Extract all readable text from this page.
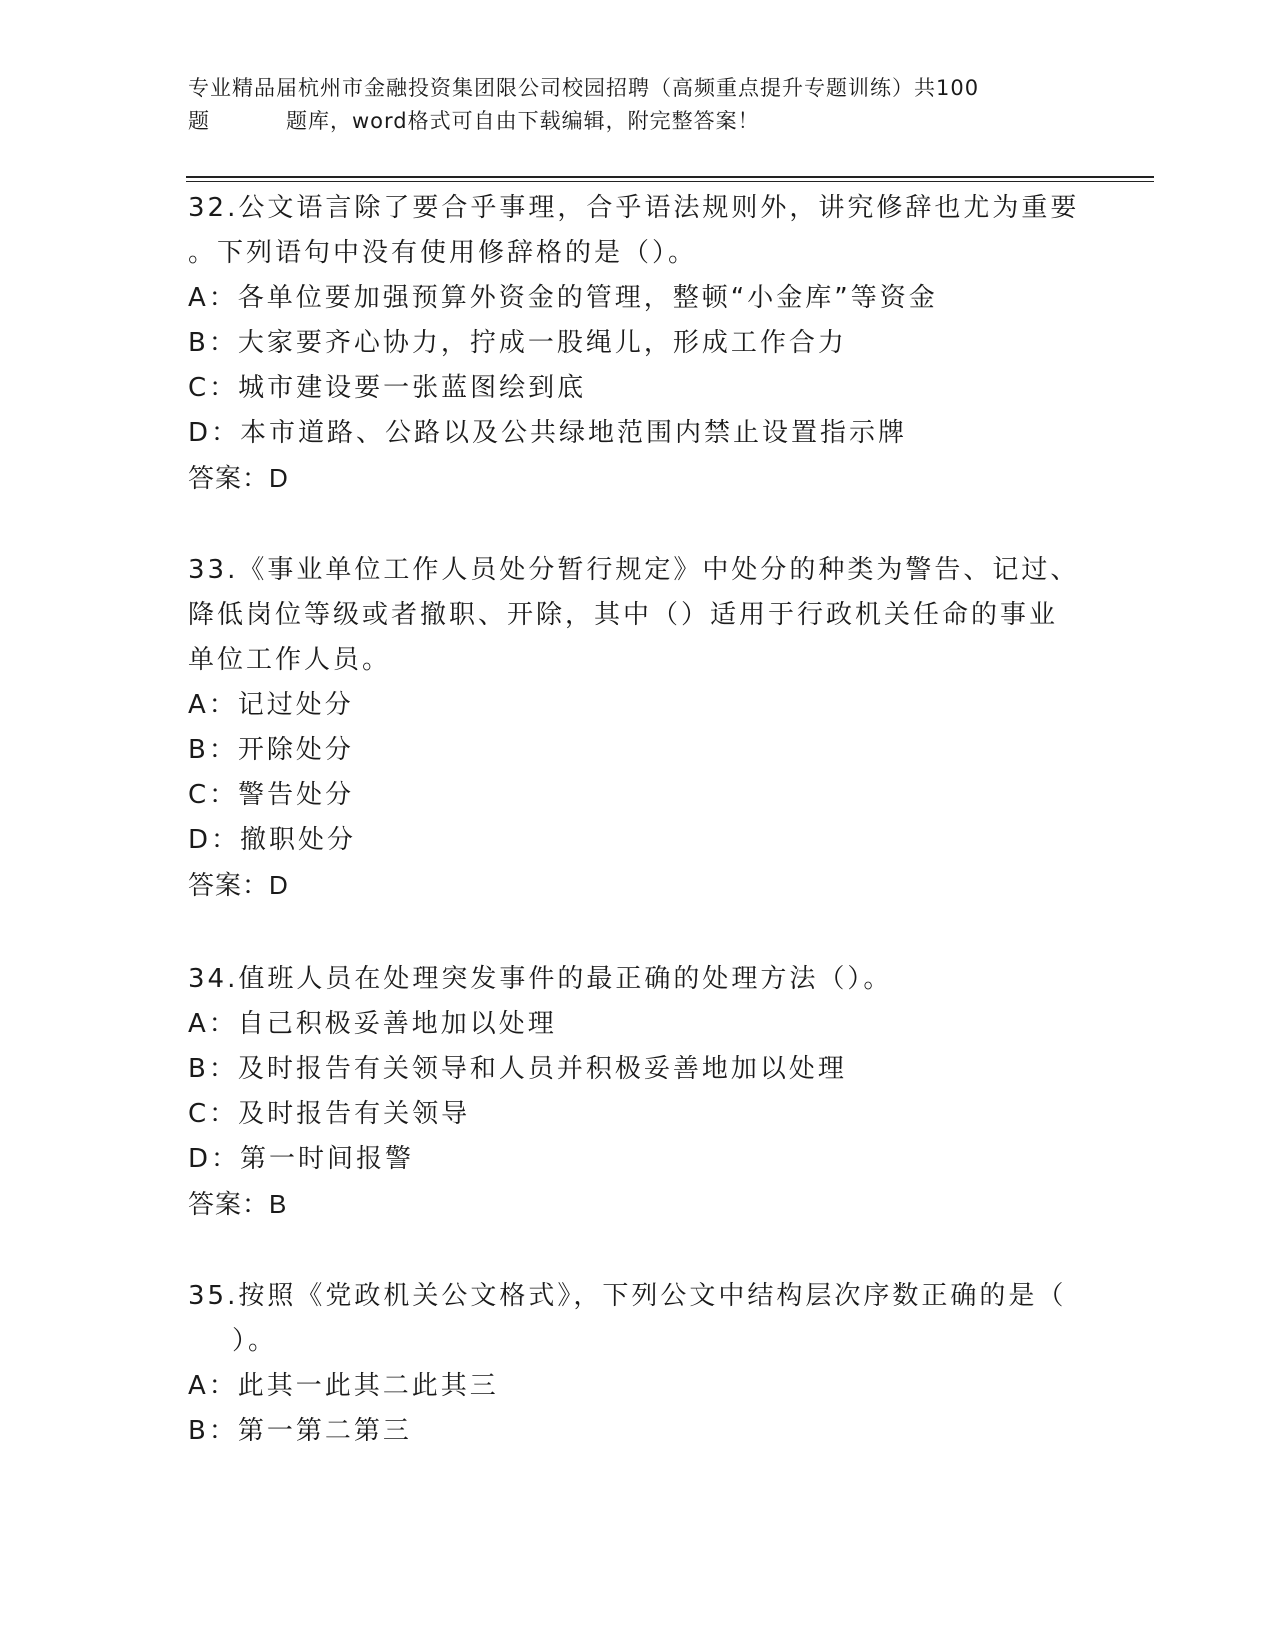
专业精品届杭州市金融投资集团限公司校园招聘（高频重点提升专题训练）共100
题	题库，word格式可自由下载编辑，附完整答案！
32.公文语言除了要合乎事理，合乎语法规则外，讲究修辞也尤为重要
。下列语句中没有使用修辞格的是（）。
A：各单位要加强预算外资金的管理，整顿“小金库”等资金
B：大家要齐心协力，拧成一股绳儿，形成工作合力
C：城市建设要一张蓝图绘到底
D：本市道路、公路以及公共绿地范围内禁止设置指示牌
答案：D
33.《事业单位工作人员处分暂行规定》中处分的种类为警告、记过、
降低岗位等级或者撤职、开除，其中（）适用于行政机关任命的事业
单位工作人员。
A：记过处分
B：开除处分
C：警告处分
D：撤职处分
答案：D
34.值班人员在处理突发事件的最正确的处理方法（）。
A：自己积极妥善地加以处理
B：及时报告有关领导和人员并积极妥善地加以处理
C：及时报告有关领导
D：第一时间报警
答案：B
35.按照《党政机关公文格式》，下列公文中结构层次序数正确的是（
）。
A：此其一此其二此其三
B：第一第二第三
